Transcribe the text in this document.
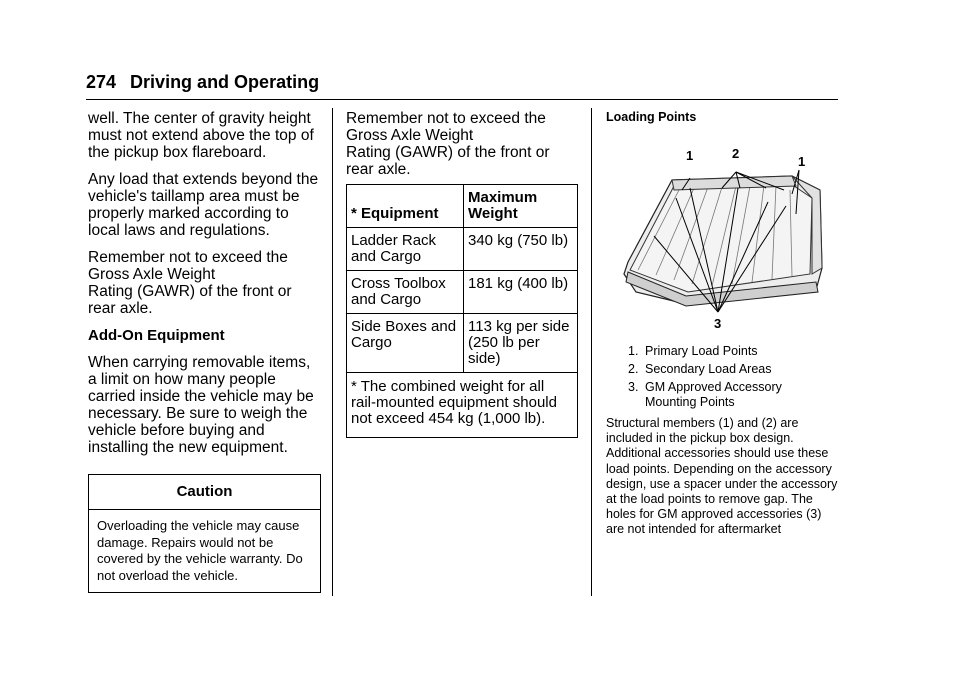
274 Driving and Operating

well. The center of gravity height must not extend above the top of the pickup box flareboard.

Any load that extends beyond the vehicle's taillamp area must be properly marked according to local laws and regulations.

Remember not to exceed the
Gross Axle Weight
Rating (GAWR) of the front or
rear axle.

Add-On Equipment

When carrying removable items, a limit on how many people carried inside the vehicle may be necessary. Be sure to weigh the vehicle before buying and installing the new equipment.

Caution
Overloading the vehicle may cause damage. Repairs would not be covered by the vehicle warranty. Do not overload the vehicle.

Remember not to exceed the
Gross Axle Weight
Rating (GAWR) of the front or
rear axle.

* Equipment	Maximum Weight
Ladder Rack and Cargo	340 kg (750 lb)
Cross Toolbox and Cargo	181 kg (400 lb)
Side Boxes and Cargo	113 kg per side (250 lb per side)
* The combined weight for all rail-mounted equipment should not exceed 454 kg (1,000 lb).	

Loading Points

1	2
1
3
1. Primary Load Points
2. Secondary Load Areas
3. GM Approved Accessory
Mounting Points
Structural members (1) and (2) are included in the pickup box design. Additional accessories should use these load points. Depending on the accessory design, use a spacer under the accessory at the load points to remove gap. The holes for GM approved accessories (3) are not intended for aftermarket
